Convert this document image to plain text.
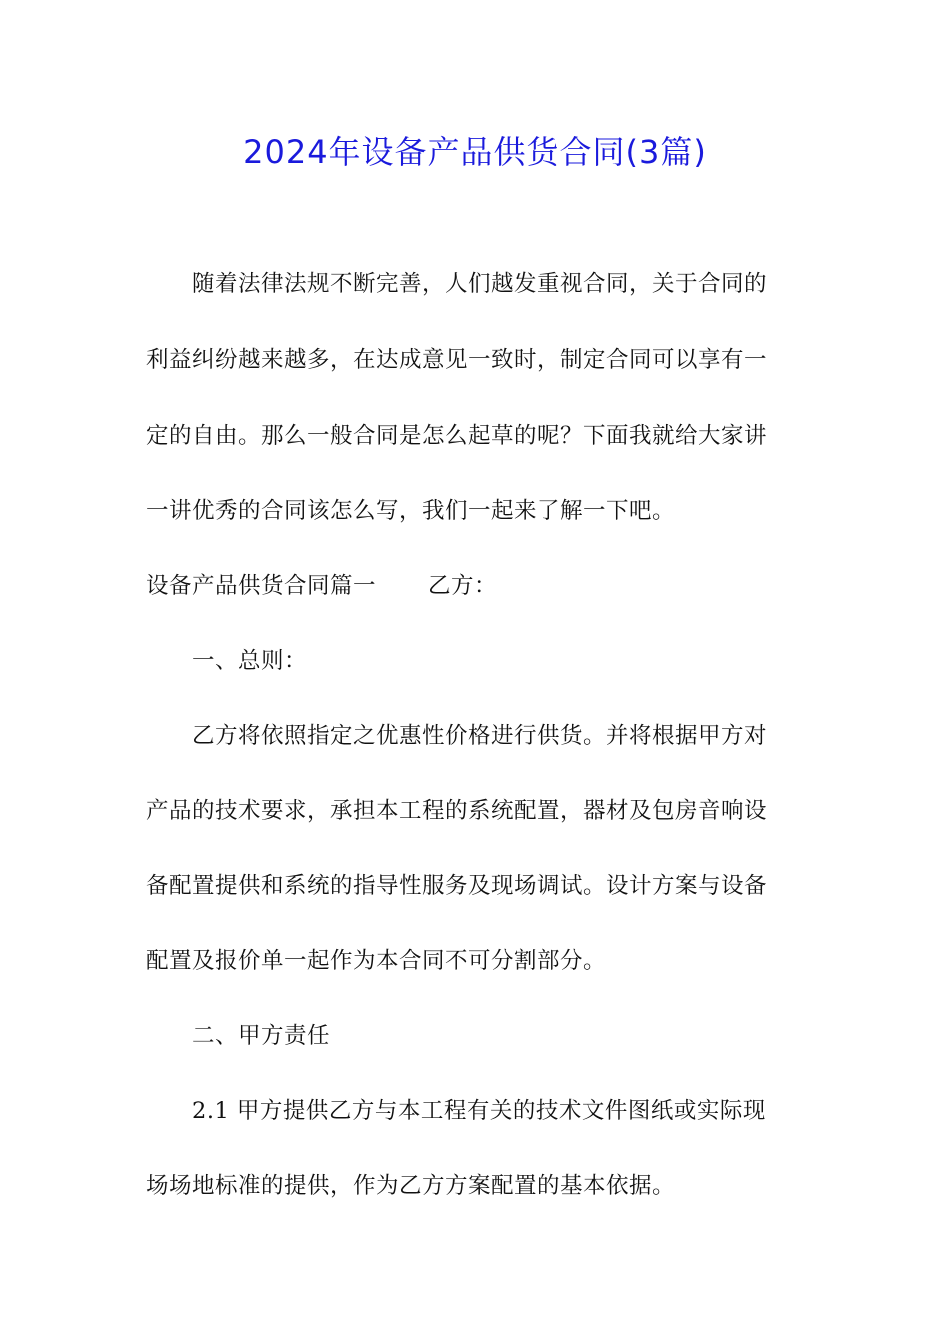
2024年设备产品供货合同(3篇)
　　随着法律法规不断完善，人们越发重视合同，关于合同的
利益纠纷越来越多，在达成意见一致时，制定合同可以享有一
定的自由。那么一般合同是怎么起草的呢？下面我就给大家讲
一讲优秀的合同该怎么写，我们一起来了解一下吧。
设备产品供货合同篇一 乙方：
　　一、总则：
　　乙方将依照指定之优惠性价格进行供货。并将根据甲方对
产品的技术要求，承担本工程的系统配置，器材及包房音响设
备配置提供和系统的指导性服务及现场调试。设计方案与设备
配置及报价单一起作为本合同不可分割部分。
　　二、甲方责任
　　2.1 甲方提供乙方与本工程有关的技术文件图纸或实际现
场场地标准的提供，作为乙方方案配置的基本依据。
